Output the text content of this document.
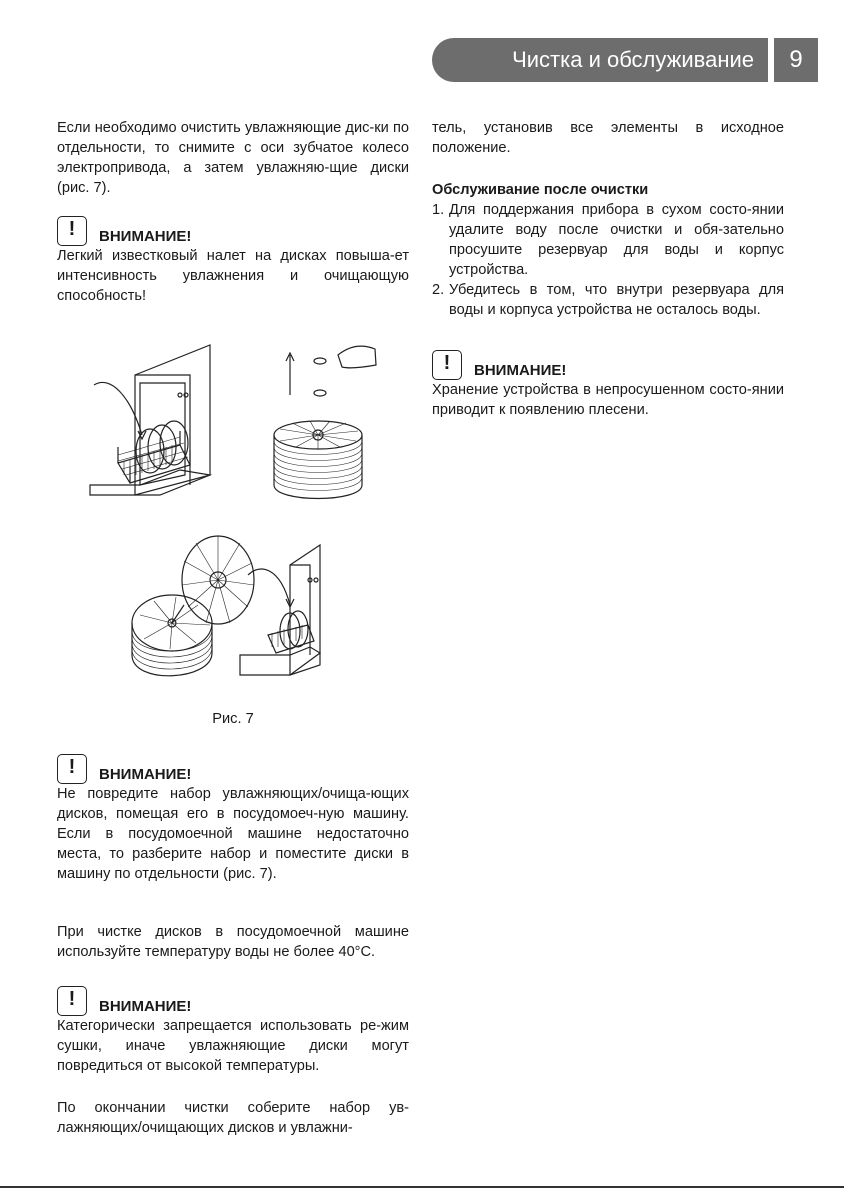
Чистка и обслуживание	9

Если необходимо очистить увлажняющие дис-ки по отдельности, то снимите с оси зубчатое колесо электропривода, а затем увлажняю-щие диски (рис. 7).

!	ВНИМАНИЕ!

Легкий известковый налет на дисках повыша-ет интенсивность увлажнения и очищающую способность!

Рис. 7
!	ВНИМАНИЕ!

Не повредите набор увлажняющих/очища-ющих дисков, помещая его в посудомоеч-ную машину. Если в посудомоечной машине недостаточно места, то разберите набор и поместите диски в машину по отдельности (рис. 7).

При чистке дисков в посудомоечной машине используйте температуру воды не более 40°С.

!	ВНИМАНИЕ!

Категорически запрещается использовать ре-жим сушки, иначе увлажняющие диски могут повредиться от высокой температуры.

По окончании чистки соберите набор ув-лажняющих/очищающих дисков и увлажни-

тель, установив все элементы в исходное положение.

Обслуживание после очистки
1. Для поддержания прибора в сухом состо-янии удалите воду после очистки и обя-зательно просушите резервуар для воды и корпус устройства.
2. Убедитесь в том, что внутри резервуара для воды и корпуса устройства не осталось воды.
!	ВНИМАНИЕ!

Хранение устройства в непросушенном состо-янии приводит к появлению плесени.
